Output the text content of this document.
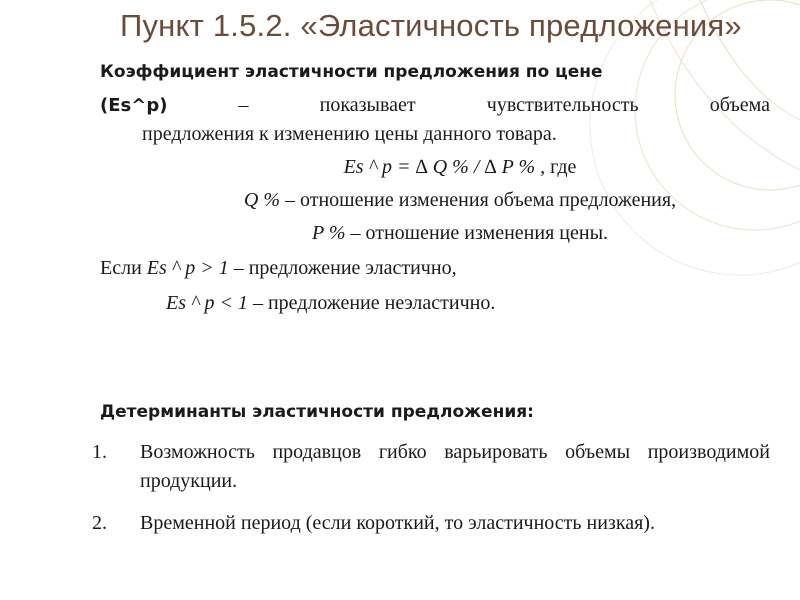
Пункт 1.5.2. «Эластичность предложения»

Коэффициент эластичности предложения по цене

(Es^p)	–	показывает	чувствительность	объема

предложения к изменению цены данного товара.

Es ^ p = ∆ Q % / ∆ P % , где

Q % – отношение изменения объема предложения,

P % – отношение изменения цены.

Если Es ^ p > 1 – предложение эластично,

Es ^ p < 1 – предложение неэластично.

Детерминанты эластичности предложения:

1.	Возможность продавцов гибко варьировать объемы производимой продукции.
2.	Временной период (если короткий, то эластичность низкая).
